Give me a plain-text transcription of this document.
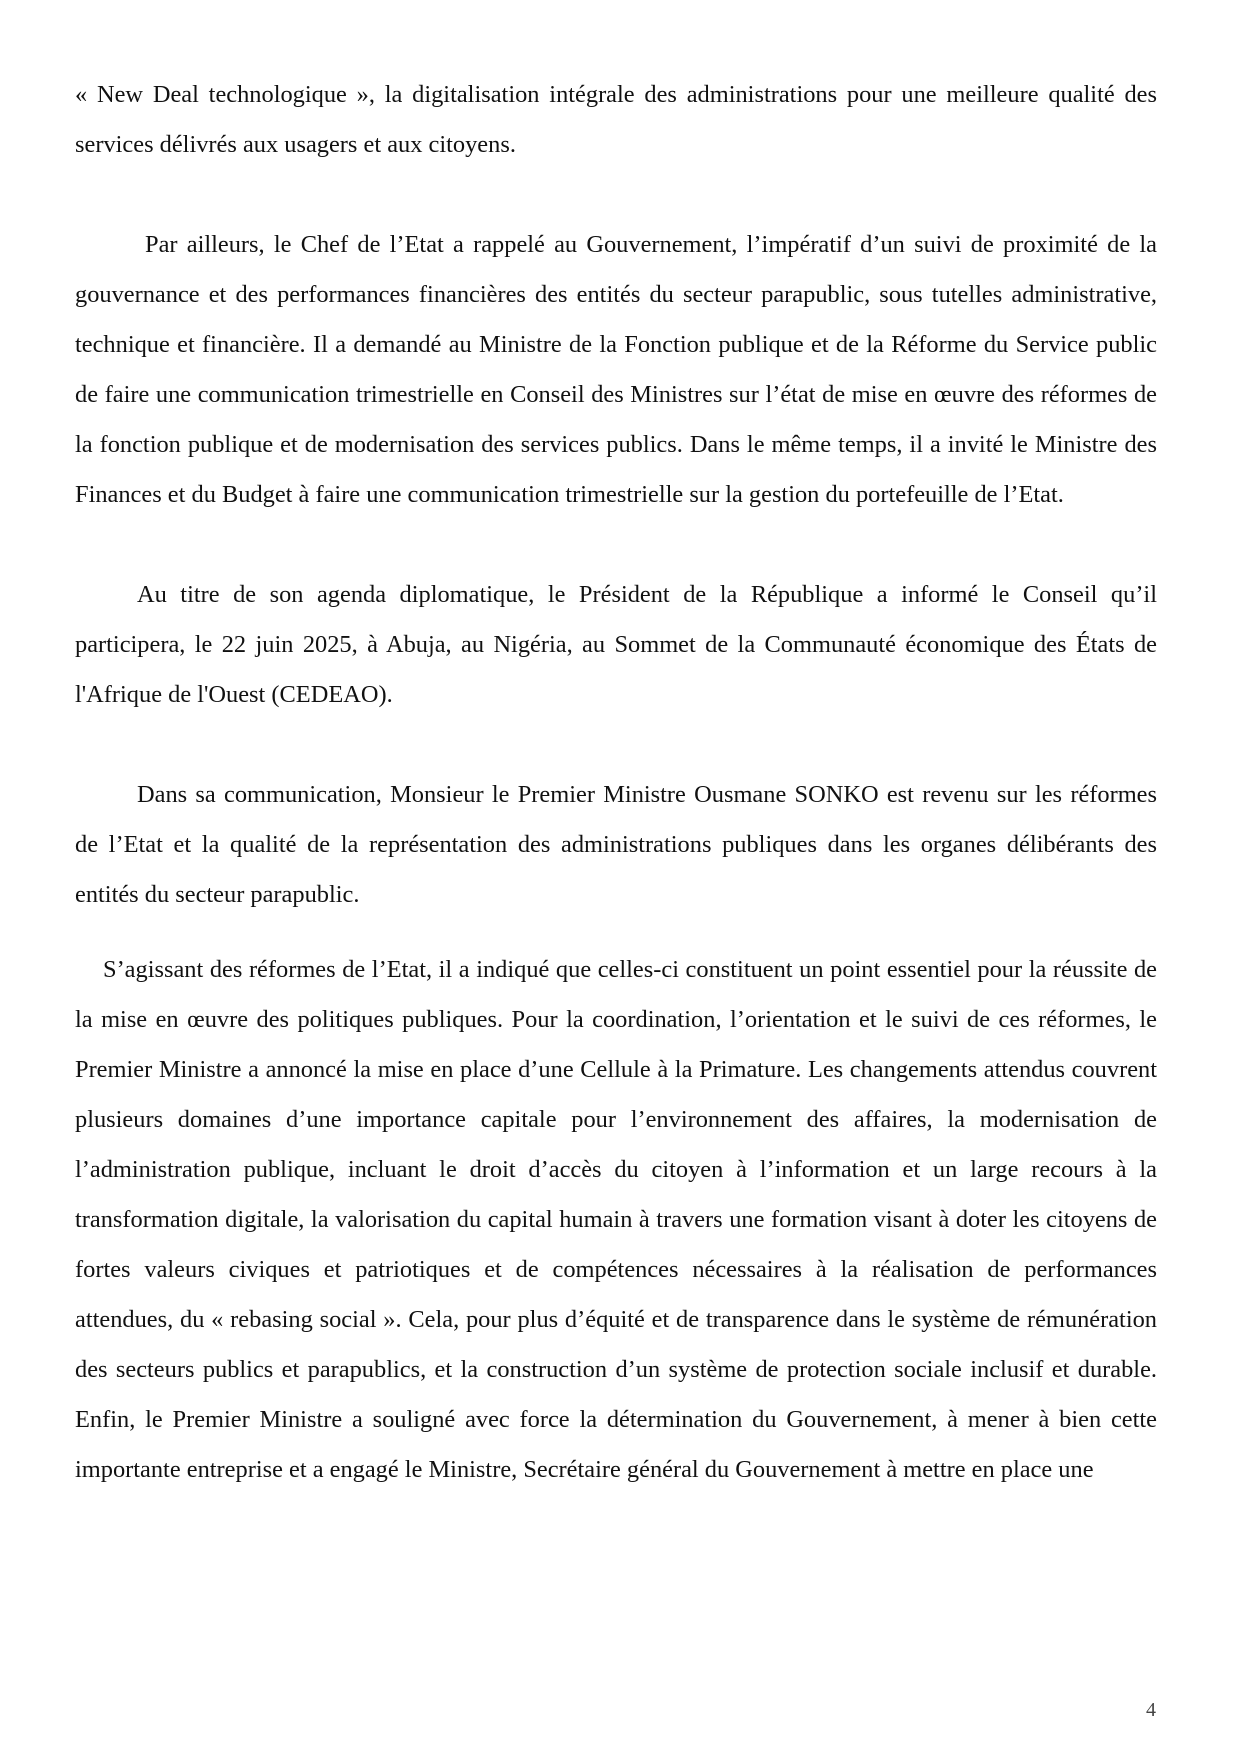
« New Deal technologique », la digitalisation intégrale des administrations pour une meilleure qualité des services délivrés aux usagers et aux citoyens.

Par ailleurs, le Chef de l’Etat a rappelé au Gouvernement, l’impératif d’un suivi de proximité de la gouvernance et des performances financières des entités du secteur parapublic, sous tutelles administrative, technique et financière. Il a demandé au Ministre de la Fonction publique et de la Réforme du Service public de faire une communication trimestrielle en Conseil des Ministres sur l’état de mise en œuvre des réformes de la fonction publique et de modernisation des services publics. Dans le même temps, il a invité le Ministre des Finances et du Budget à faire une communication trimestrielle sur la gestion du portefeuille de l’Etat.

Au titre de son agenda diplomatique, le Président de la République a informé le Conseil qu’il participera, le 22 juin 2025, à Abuja, au Nigéria, au Sommet de la Communauté économique des États de l'Afrique de l'Ouest (CEDEAO).

Dans sa communication, Monsieur le Premier Ministre Ousmane SONKO est revenu sur les réformes de l’Etat et la qualité de la représentation des administrations publiques dans les organes délibérants des entités du secteur parapublic.

S’agissant des réformes de l’Etat, il a indiqué que celles-ci constituent un point essentiel pour la réussite de la mise en œuvre des politiques publiques. Pour la coordination, l’orientation et le suivi de ces réformes, le Premier Ministre a annoncé la mise en place d’une Cellule à la Primature. Les changements attendus couvrent plusieurs domaines d’une importance capitale pour l’environnement des affaires, la modernisation de l’administration publique, incluant le droit d’accès du citoyen à l’information et un large recours à la transformation digitale, la valorisation du capital humain à travers une formation visant à doter les citoyens de fortes valeurs civiques et patriotiques et de compétences nécessaires à la réalisation de performances attendues, du « rebasing social ». Cela, pour plus d’équité et de transparence dans le système de rémunération des secteurs publics et parapublics, et la construction d’un système de protection sociale inclusif et durable. Enfin, le Premier Ministre a souligné avec force la détermination du Gouvernement, à mener à bien cette importante entreprise et a engagé le Ministre, Secrétaire général du Gouvernement à mettre en place une

4
